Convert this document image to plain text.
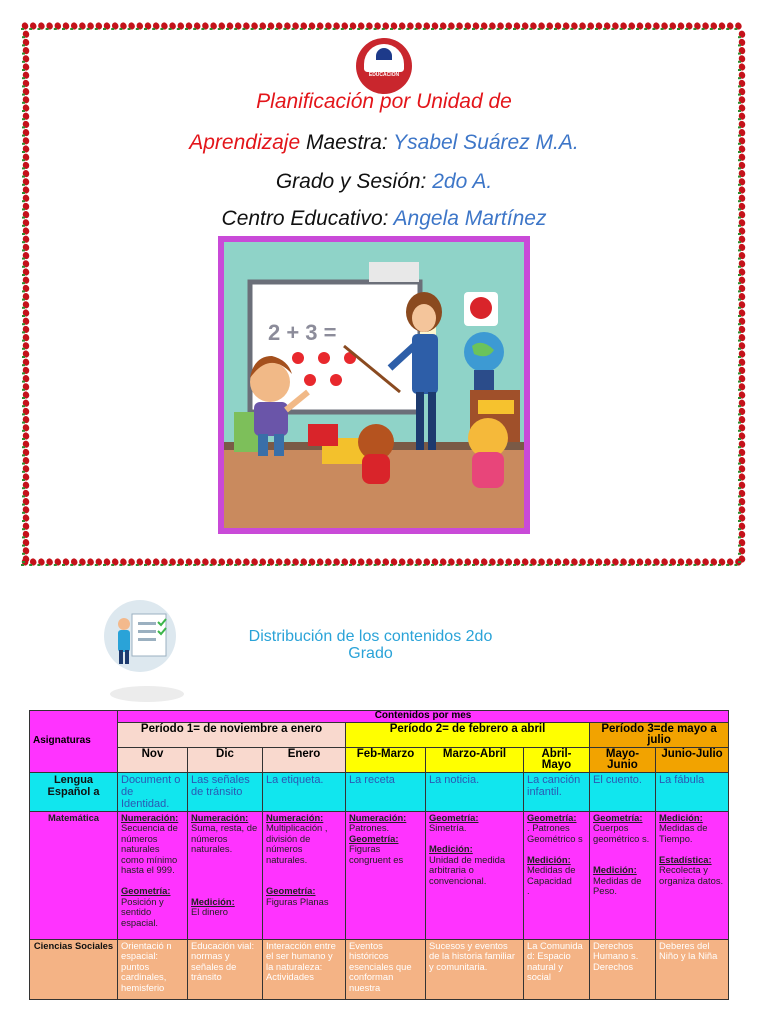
EDUCACIÓN
Planificación por Unidad de
Aprendizaje Maestra: Ysabel Suárez M.A.
Grado y Sesión: 2do A.
Centro Educativo: Angela Martínez
2 + 3 =
Distribución de los contenidos 2do Grado
Asignaturas	Contenidos por mes							
	Período 1= de noviembre a enero			Período 2= de febrero a abril			Período 3=de mayo a julio	
	Nov	Dic	Enero	Feb-Marzo	Marzo-Abril	Abril-Mayo	Mayo-Junio	Junio-Julio
Lengua Español a	Document o de Identidad.	Las señales de tránsito	La etiqueta.	La receta	La noticia.	La canción infantil.	El cuento.	La fábula
Matemática	Numeración:
Secuencia de números naturales como mínimo hasta el 999.

Geometría:
Posición y sentido espacial.	Numeración:
Suma, resta, de números naturales.

Medición:
El dinero	Numeración:
Multiplicación , división de números naturales.

Geometría:
Figuras Planas	Numeración:
Patrones.
Geometría:
Figuras congruent es	Geometría:
Simetría.

Medición:
Unidad de medida arbitraria o convencional.	Geometría:
. Patrones Geométrico s

Medición:
Medidas de Capacidad
.	Geometría:
Cuerpos geométrico s.

Medición:
Medidas de Peso.	Medición:
Medidas de Tiempo.

Estadística:
Recolecta y organiza datos.
Ciencias Sociales	Orientació n espacial: puntos cardinales, hemisferio	Educación vial: normas y señales de tránsito	Interacción entre el ser humano y la naturaleza: Actividades	Eventos históricos esenciales que conforman nuestra	Sucesos y eventos de la historia familiar y comunitaria.	La Comunida d: Espacio natural y social	Derechos Humano s. Derechos	Deberes del Niño y la Niña
